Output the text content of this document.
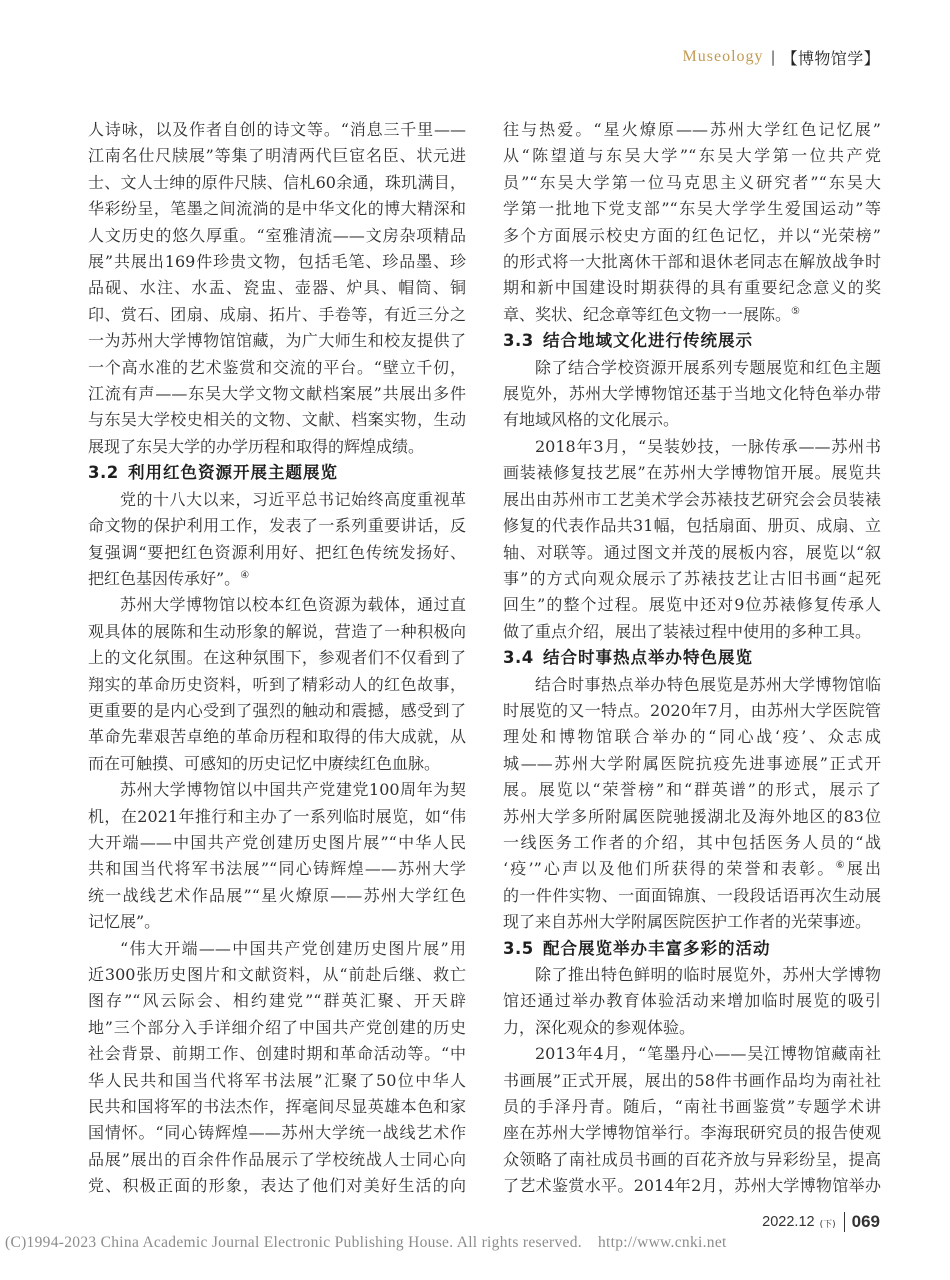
Museology | 【博物馆学】
人诗咏，以及作者自创的诗文等。“消息三千里——
江南名仕尺牍展”等集了明清两代巨宦名臣、状元进
士、文人士绅的原件尺牍、信札60余通，珠玑满目，
华彩纷呈，笔墨之间流淌的是中华文化的博大精深和
人文历史的悠久厚重。“室雅清流——文房杂项精品
展”共展出169件珍贵文物，包括毛笔、珍品墨、珍
品砚、水注、水盂、瓷盅、壶器、炉具、帽筒、铜
印、赏石、团扇、成扇、拓片、手卷等，有近三分之
一为苏州大学博物馆馆藏，为广大师生和校友提供了
一个高水准的艺术鉴赏和交流的平台。“壁立千仞，
江流有声——东吴大学文物文献档案展”共展出多件
与东吴大学校史相关的文物、文献、档案实物，生动
展现了东吴大学的办学历程和取得的辉煌成绩。
3.2 利用红色资源开展主题展览
党的十八大以来，习近平总书记始终高度重视革
命文物的保护利用工作，发表了一系列重要讲话，反
复强调“要把红色资源利用好、把红色传统发扬好、
把红色基因传承好”。④
苏州大学博物馆以校本红色资源为载体，通过直
观具体的展陈和生动形象的解说，营造了一种积极向
上的文化氛围。在这种氛围下，参观者们不仅看到了
翔实的革命历史资料，听到了精彩动人的红色故事，
更重要的是内心受到了强烈的触动和震撼，感受到了
革命先辈艰苦卓绝的革命历程和取得的伟大成就，从
而在可触摸、可感知的历史记忆中赓续红色血脉。
苏州大学博物馆以中国共产党建党100周年为契
机，在2021年推行和主办了一系列临时展览，如“伟
大开端——中国共产党创建历史图片展”“中华人民
共和国当代将军书法展”“同心铸辉煌——苏州大学
统一战线艺术作品展”“星火燎原——苏州大学红色
记忆展”。
“伟大开端——中国共产党创建历史图片展”用
近300张历史图片和文献资料，从“前赴后继、救亡
图存”“风云际会、相约建党”“群英汇聚、开天辟
地”三个部分入手详细介绍了中国共产党创建的历史
社会背景、前期工作、创建时期和革命活动等。“中
华人民共和国当代将军书法展”汇聚了50位中华人
民共和国将军的书法杰作，挥毫间尽显英雄本色和家
国情怀。“同心铸辉煌——苏州大学统一战线艺术作
品展”展出的百余件作品展示了学校统战人士同心向
党、积极正面的形象，表达了他们对美好生活的向
往与热爱。“星火燎原——苏州大学红色记忆展”
从“陈望道与东吴大学”“东吴大学第一位共产党
员”“东吴大学第一位马克思主义研究者”“东吴大
学第一批地下党支部”“东吴大学学生爱国运动”等
多个方面展示校史方面的红色记忆，并以“光荣榜”
的形式将一大批离休干部和退休老同志在解放战争时
期和新中国建设时期获得的具有重要纪念意义的奖
章、奖状、纪念章等红色文物一一展陈。⑤
3.3 结合地域文化进行传统展示
除了结合学校资源开展系列专题展览和红色主题
展览外，苏州大学博物馆还基于当地文化特色举办带
有地域风格的文化展示。
2018年3月，“吴装妙技，一脉传承——苏州书
画装裱修复技艺展”在苏州大学博物馆开展。展览共
展出由苏州市工艺美术学会苏裱技艺研究会会员装裱
修复的代表作品共31幅，包括扇面、册页、成扇、立
轴、对联等。通过图文并茂的展板内容，展览以“叙
事”的方式向观众展示了苏裱技艺让古旧书画“起死
回生”的整个过程。展览中还对9位苏裱修复传承人
做了重点介绍，展出了装裱过程中使用的多种工具。
3.4 结合时事热点举办特色展览
结合时事热点举办特色展览是苏州大学博物馆临
时展览的又一特点。2020年7月，由苏州大学医院管
理处和博物馆联合举办的“同心战‘疫’、众志成
城——苏州大学附属医院抗疫先进事迹展”正式开
展。展览以“荣誉榜”和“群英谱”的形式，展示了
苏州大学多所附属医院驰援湖北及海外地区的83位
一线医务工作者的介绍，其中包括医务人员的“战
‘疫’”心声以及他们所获得的荣誉和表彰。⑥展出
的一件件实物、一面面锦旗、一段段话语再次生动展
现了来自苏州大学附属医院医护工作者的光荣事迹。
3.5 配合展览举办丰富多彩的活动
除了推出特色鲜明的临时展览外，苏州大学博物
馆还通过举办教育体验活动来增加临时展览的吸引
力，深化观众的参观体验。
2013年4月，“笔墨丹心——吴江博物馆藏南社
书画展”正式开展，展出的58件书画作品均为南社社
员的手泽丹青。随后，“南社书画鉴赏”专题学术讲
座在苏州大学博物馆举行。李海珉研究员的报告使观
众领略了南社成员书画的百花齐放与异彩纷呈，提高
了艺术鉴赏水平。2014年2月，苏州大学博物馆举办
2022.12 (下) 069
(C)1994-2023 China Academic Journal Electronic Publishing House. All rights reserved. http://www.cnki.net
